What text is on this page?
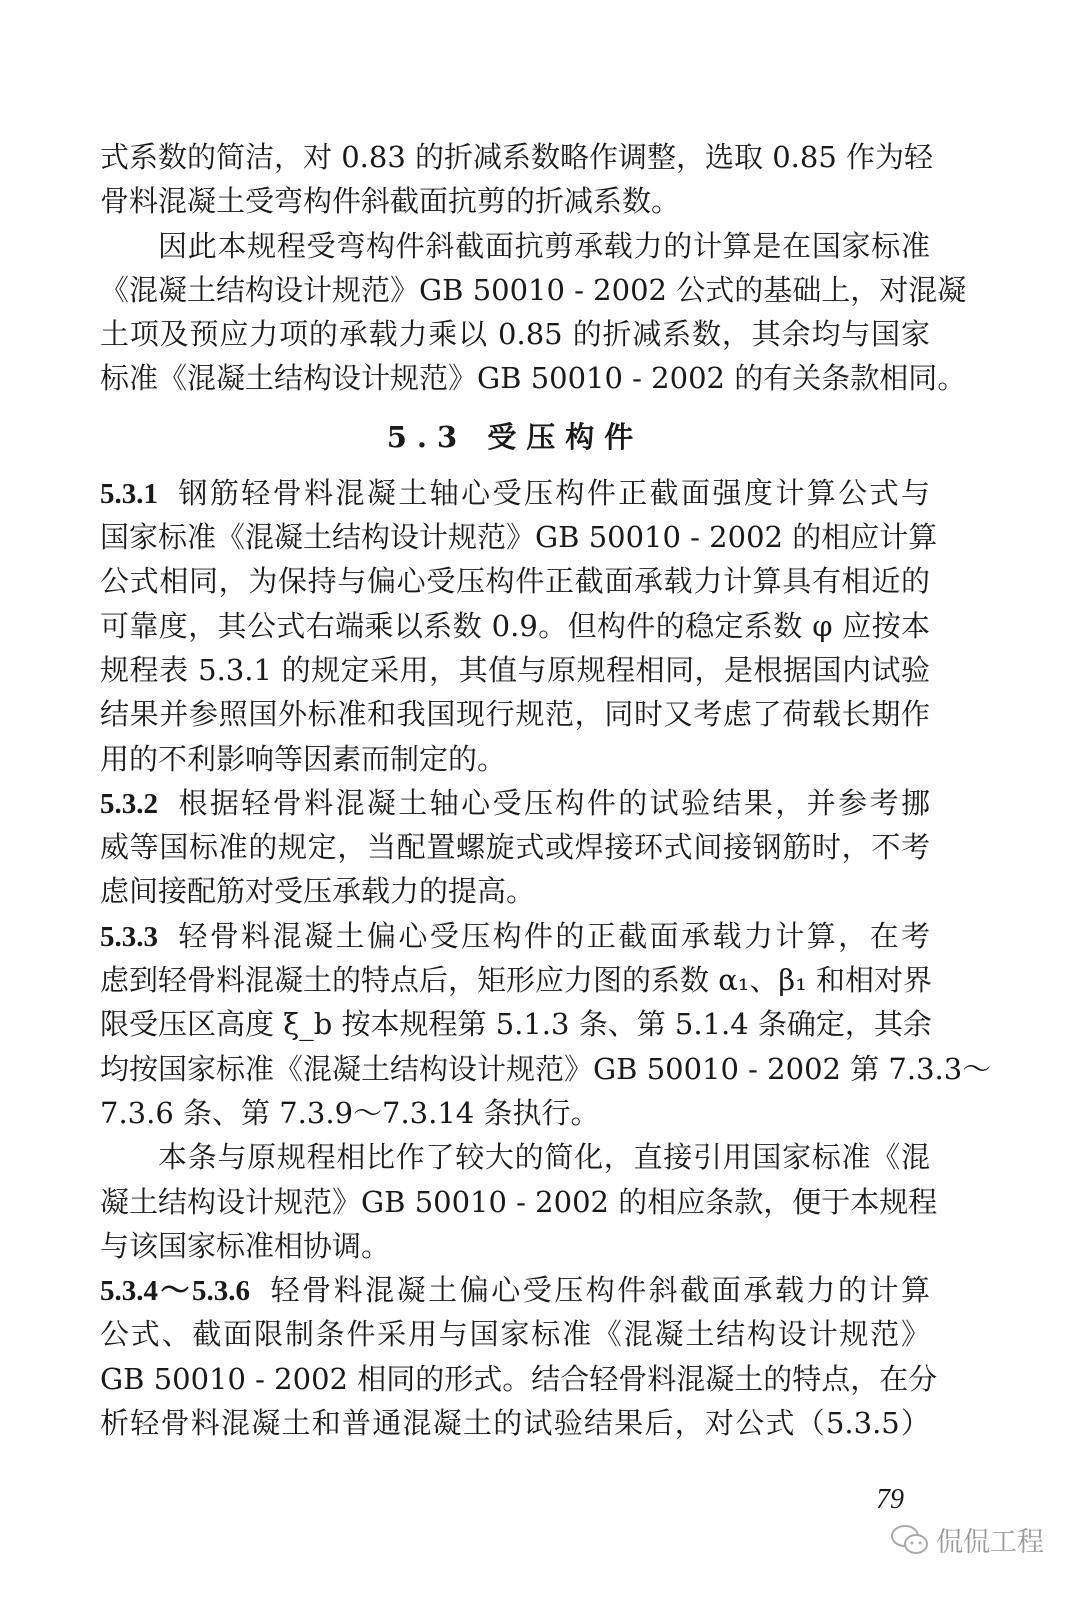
式系数的简洁，对 0.83 的折减系数略作调整，选取 0.85 作为轻
骨料混凝土受弯构件斜截面抗剪的折减系数。
因此本规程受弯构件斜截面抗剪承载力的计算是在国家标准
《混凝土结构设计规范》GB 50010 - 2002 公式的基础上，对混凝
土项及预应力项的承载力乘以 0.85 的折减系数，其余均与国家
标准《混凝土结构设计规范》GB 50010 - 2002 的有关条款相同。
5.3 受压构件
5.3.1 钢筋轻骨料混凝土轴心受压构件正截面强度计算公式与
国家标准《混凝土结构设计规范》GB 50010 - 2002 的相应计算
公式相同，为保持与偏心受压构件正截面承载力计算具有相近的
可靠度，其公式右端乘以系数 0.9。但构件的稳定系数 φ 应按本
规程表 5.3.1 的规定采用，其值与原规程相同，是根据国内试验
结果并参照国外标准和我国现行规范，同时又考虑了荷载长期作
用的不利影响等因素而制定的。
5.3.2 根据轻骨料混凝土轴心受压构件的试验结果，并参考挪
威等国标准的规定，当配置螺旋式或焊接环式间接钢筋时，不考
虑间接配筋对受压承载力的提高。
5.3.3 轻骨料混凝土偏心受压构件的正截面承载力计算，在考
虑到轻骨料混凝土的特点后，矩形应力图的系数 α₁、β₁ 和相对界
限受压区高度 ξ_b 按本规程第 5.1.3 条、第 5.1.4 条确定，其余
均按国家标准《混凝土结构设计规范》GB 50010 - 2002 第 7.3.3～
7.3.6 条、第 7.3.9～7.3.14 条执行。
本条与原规程相比作了较大的简化，直接引用国家标准《混
凝土结构设计规范》GB 50010 - 2002 的相应条款，便于本规程
与该国家标准相协调。
5.3.4～5.3.6 轻骨料混凝土偏心受压构件斜截面承载力的计算
公式、截面限制条件采用与国家标准《混凝土结构设计规范》
GB 50010 - 2002 相同的形式。结合轻骨料混凝土的特点，在分
析轻骨料混凝土和普通混凝土的试验结果后，对公式（5.3.5）
79
侃侃工程
